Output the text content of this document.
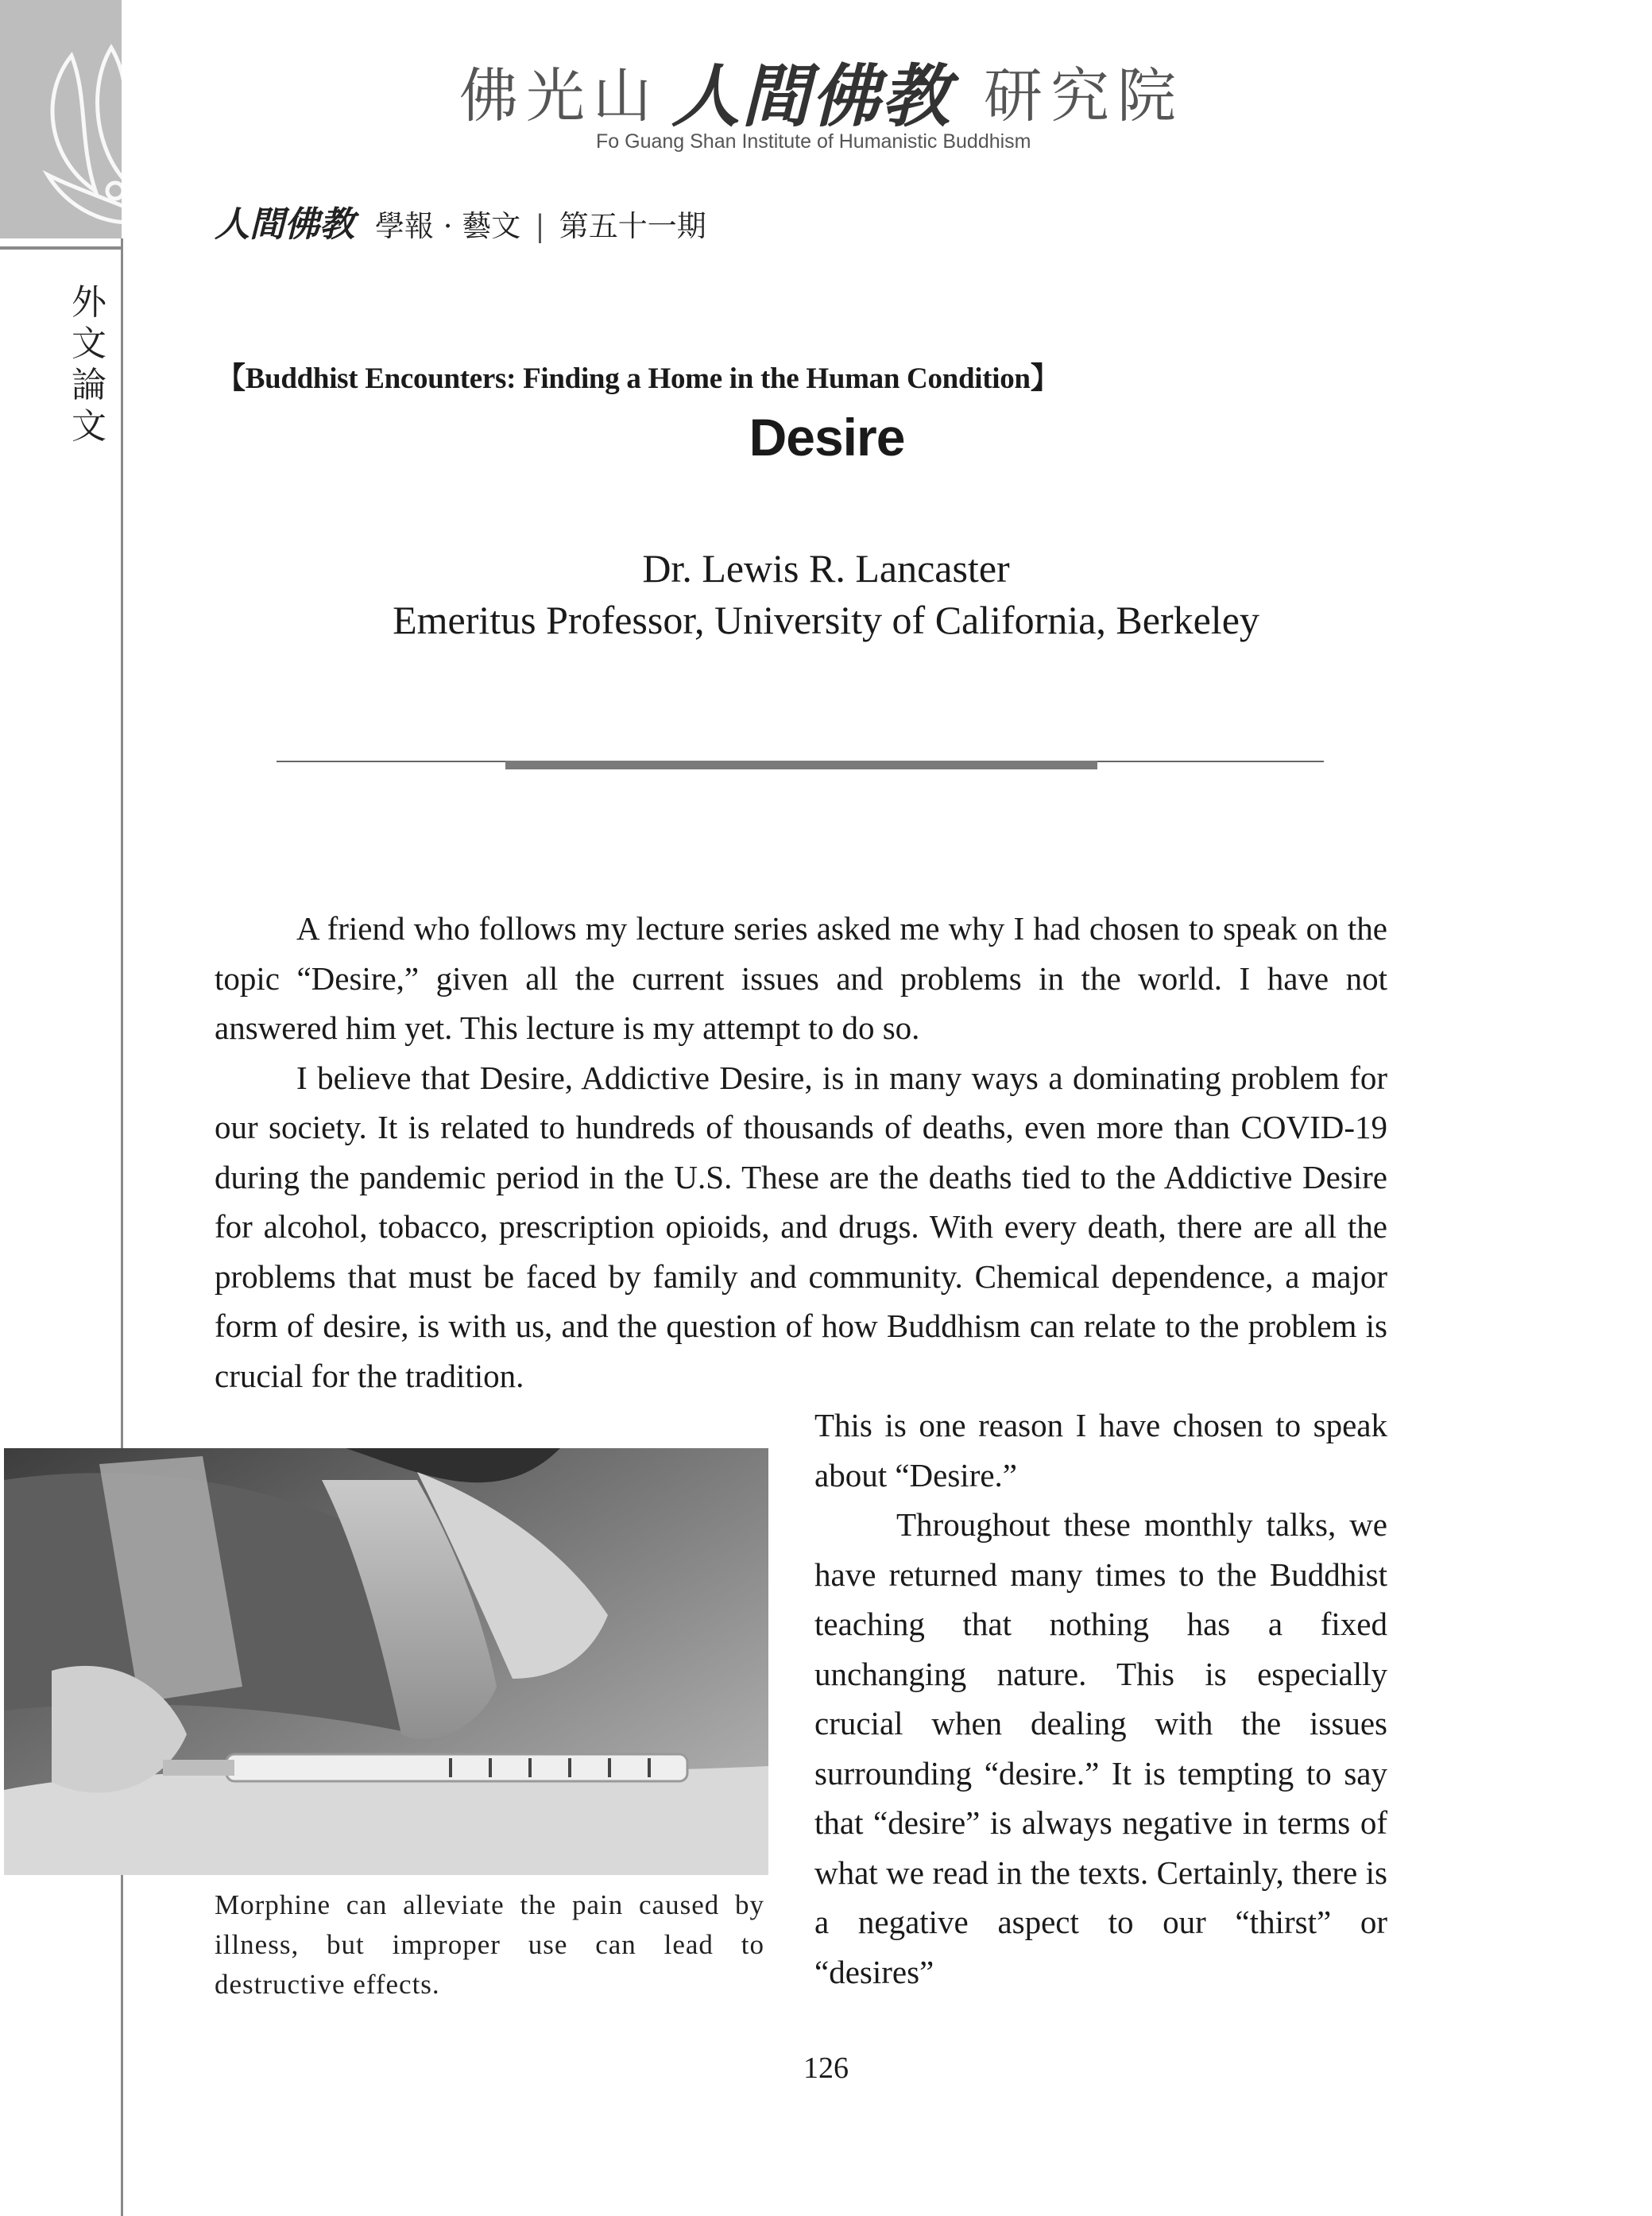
外
文
論
文
佛光山 人間佛教 研究院
Fo Guang Shan Institute of Humanistic Buddhism
人間佛教 學報 · 藝文 | 第五十一期
【Buddhist Encounters: Finding a Home in the Human Condition】
Desire
Dr. Lewis R. Lancaster
Emeritus Professor, University of California, Berkeley

A friend who follows my lecture series asked me why I had chosen to speak on the topic “Desire,” given all the current issues and problems in the world. I have not answered him yet. This lecture is my attempt to do so.

I believe that Desire, Addictive Desire, is in many ways a dominating problem for our society. It is related to hundreds of thousands of deaths, even more than COVID-19 during the pandemic period in the U.S. These are the deaths tied to the Addictive Desire for alcohol, tobacco, prescription opioids, and drugs. With every death, there are all the problems that must be faced by family and community. Chemical dependence, a major form of desire, is with us, and the question of how Buddhism can relate to the problem is crucial for the tradition.

This is one reason I have chosen to speak about “Desire.”

Throughout these monthly talks, we have returned many times to the Buddhist teaching that nothing has a fixed unchanging nature. This is especially crucial when dealing with the issues surrounding “desire.” It is tempting to say that “desire” is always negative in terms of what we read in the texts. Certainly, there is a negative aspect to our “thirst” or “desires”

Morphine can alleviate the pain caused by illness, but improper use can lead to destructive effects.
126
